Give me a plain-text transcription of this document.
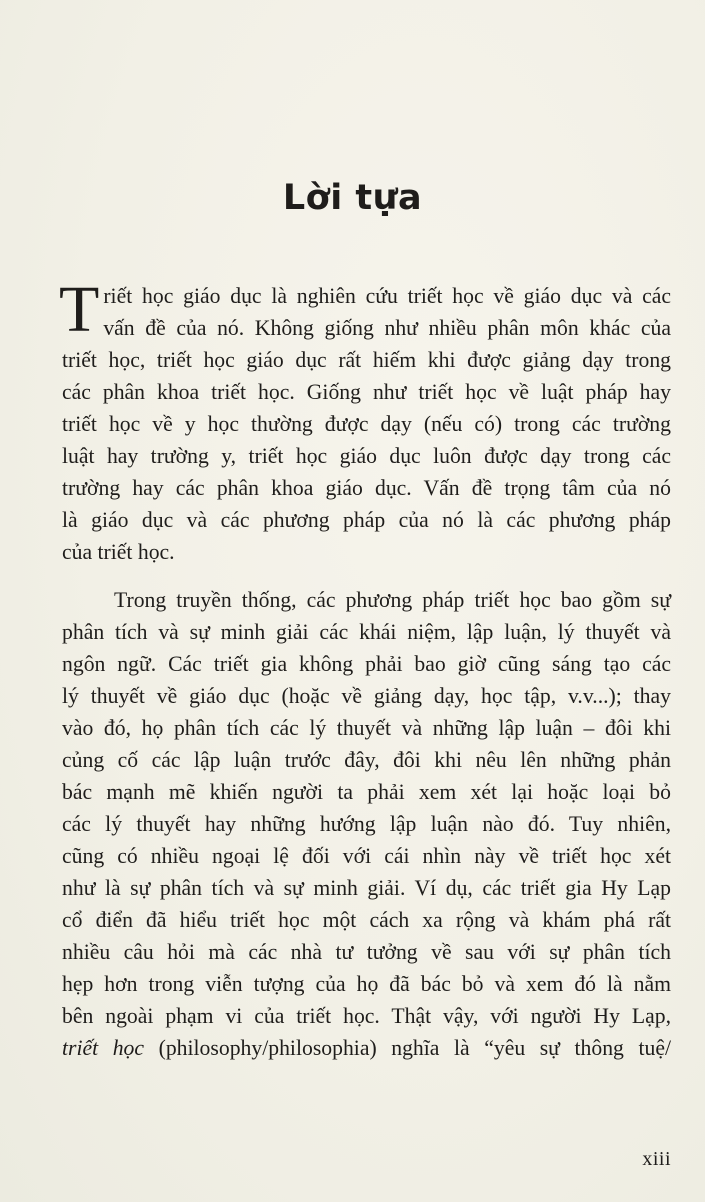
Lời tựa
T riết học giáo dục là nghiên cứu triết học về giáo dục và các
vấn đề của nó. Không giống như nhiều phân môn khác của
triết học, triết học giáo dục rất hiếm khi được giảng dạy trong
các phân khoa triết học. Giống như triết học về luật pháp hay
triết học về y học thường được dạy (nếu có) trong các trường
luật hay trường y, triết học giáo dục luôn được dạy trong các
trường hay các phân khoa giáo dục. Vấn đề trọng tâm của nó
là giáo dục và các phương pháp của nó là các phương pháp
của triết học.
Trong truyền thống, các phương pháp triết học bao gồm sự
phân tích và sự minh giải các khái niệm, lập luận, lý thuyết và
ngôn ngữ. Các triết gia không phải bao giờ cũng sáng tạo các
lý thuyết về giáo dục (hoặc về giảng dạy, học tập, v.v...); thay
vào đó, họ phân tích các lý thuyết và những lập luận – đôi khi
củng cố các lập luận trước đây, đôi khi nêu lên những phản
bác mạnh mẽ khiến người ta phải xem xét lại hoặc loại bỏ
các lý thuyết hay những hướng lập luận nào đó. Tuy nhiên,
cũng có nhiều ngoại lệ đối với cái nhìn này về triết học xét
như là sự phân tích và sự minh giải. Ví dụ, các triết gia Hy Lạp
cổ điển đã hiểu triết học một cách xa rộng và khám phá rất
nhiều câu hỏi mà các nhà tư tưởng về sau với sự phân tích
hẹp hơn trong viễn tượng của họ đã bác bỏ và xem đó là nằm
bên ngoài phạm vi của triết học. Thật vậy, với người Hy Lạp,
triết học (philosophy/philosophia) nghĩa là “yêu sự thông tuệ/
xiii
